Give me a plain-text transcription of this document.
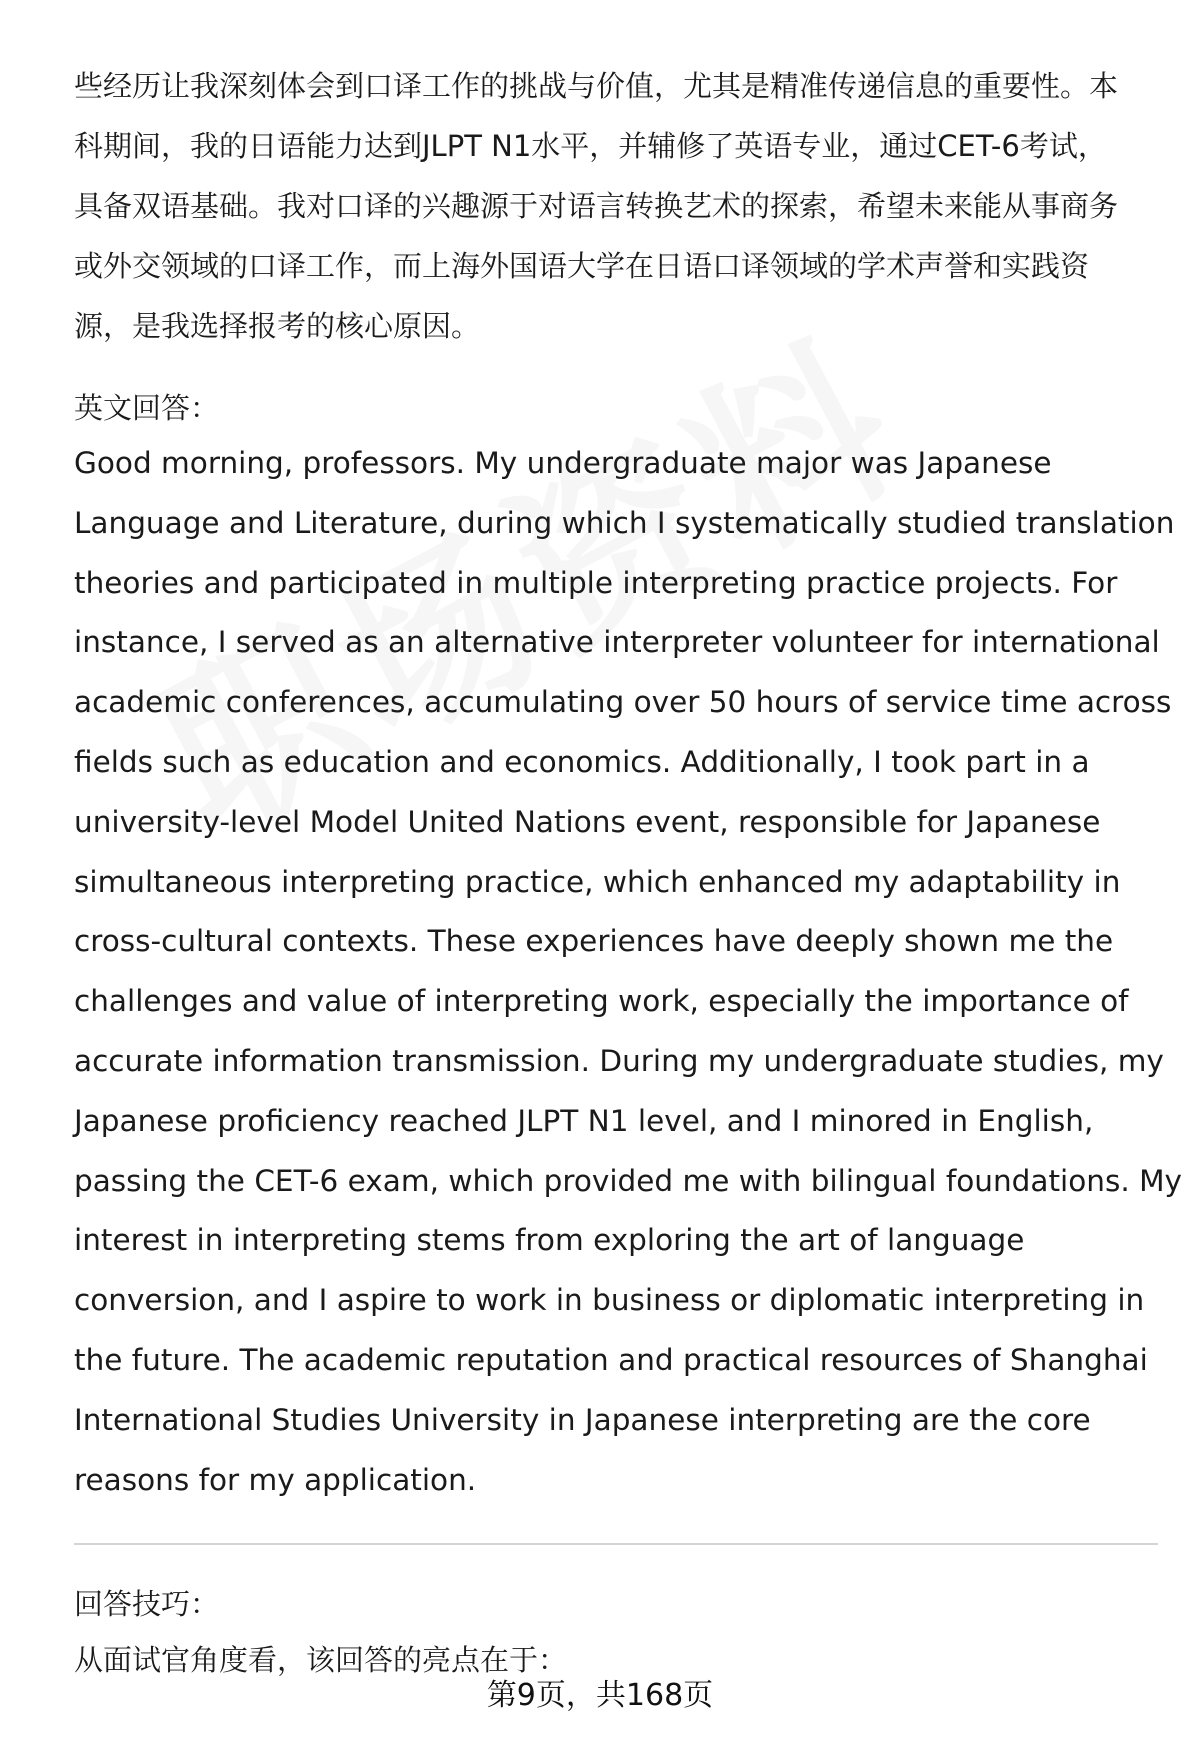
些经历让我深刻体会到口译工作的挑战与价值，尤其是精准传递信息的重要性。本
科期间，我的日语能力达到JLPT N1水平，并辅修了英语专业，通过CET-6考试，
具备双语基础。我对口译的兴趣源于对语言转换艺术的探索，希望未来能从事商务
或外交领域的口译工作，而上海外国语大学在日语口译领域的学术声誉和实践资
源，是我选择报考的核心原因。
英文回答：
Good morning, professors. My undergraduate major was Japanese
Language and Literature, during which I systematically studied translation
theories and participated in multiple interpreting practice projects. For
instance, I served as an alternative interpreter volunteer for international
academic conferences, accumulating over 50 hours of service time across
fields such as education and economics. Additionally, I took part in a
university-level Model United Nations event, responsible for Japanese
simultaneous interpreting practice, which enhanced my adaptability in
cross-cultural contexts. These experiences have deeply shown me the
challenges and value of interpreting work, especially the importance of
accurate information transmission. During my undergraduate studies, my
Japanese proficiency reached JLPT N1 level, and I minored in English,
passing the CET-6 exam, which provided me with bilingual foundations. My
interest in interpreting stems from exploring the art of language
conversion, and I aspire to work in business or diplomatic interpreting in
the future. The academic reputation and practical resources of Shanghai
International Studies University in Japanese interpreting are the core
reasons for my application.
回答技巧：
从面试官角度看，该回答的亮点在于：
第9页，共168页
